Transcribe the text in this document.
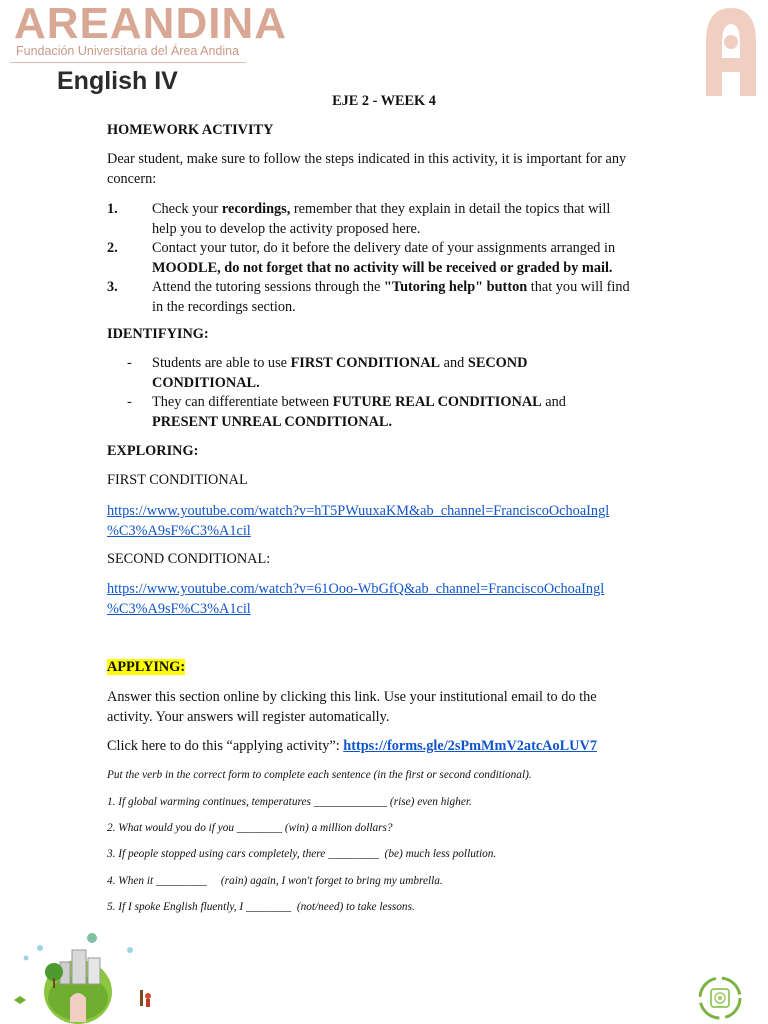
AREANDINA
Fundación Universitaria del Área Andina
English IV
EJE 2 - WEEK 4
HOMEWORK ACTIVITY
Dear student, make sure to follow the steps indicated in this activity, it is important for any
concern:
1.	Check your recordings, remember that they explain in detail the topics that will
help you to develop the activity proposed here.
2.	Contact your tutor, do it before the delivery date of your assignments arranged in
MOODLE, do not forget that no activity will be received or graded by mail.
3.	Attend the tutoring sessions through the "Tutoring help" button that you will find
in the recordings section.
IDENTIFYING:
-	Students are able to use FIRST CONDITIONAL and SECOND
CONDITIONAL.
-	They can differentiate between FUTURE REAL CONDITIONAL and
PRESENT UNREAL CONDITIONAL.
EXPLORING:
FIRST CONDITIONAL
https://www.youtube.com/watch?v=hT5PWuuxaKM&ab_channel=FranciscoOchoaIngl
%C3%A9sF%C3%A1cil
SECOND CONDITIONAL:
https://www.youtube.com/watch?v=61Ooo-WbGfQ&ab_channel=FranciscoOchoaIngl
%C3%A9sF%C3%A1cil
APPLYING:
Answer this section online by clicking this link. Use your institutional email to do the
activity. Your answers will register automatically.
Click here to do this “applying activity”: https://forms.gle/2sPmMmV2atcAoLUV7
Put the verb in the correct form to complete each sentence (in the first or second conditional).
1. If global warming continues, temperatures _____________ (rise) even higher.
2. What would you do if you ________ (win) a million dollars?
3. If people stopped using cars completely, there _________  (be) much less pollution.
4. When it _________     (rain) again, I won't forget to bring my umbrella.
5. If I spoke English fluently, I ________  (not/need) to take lessons.
